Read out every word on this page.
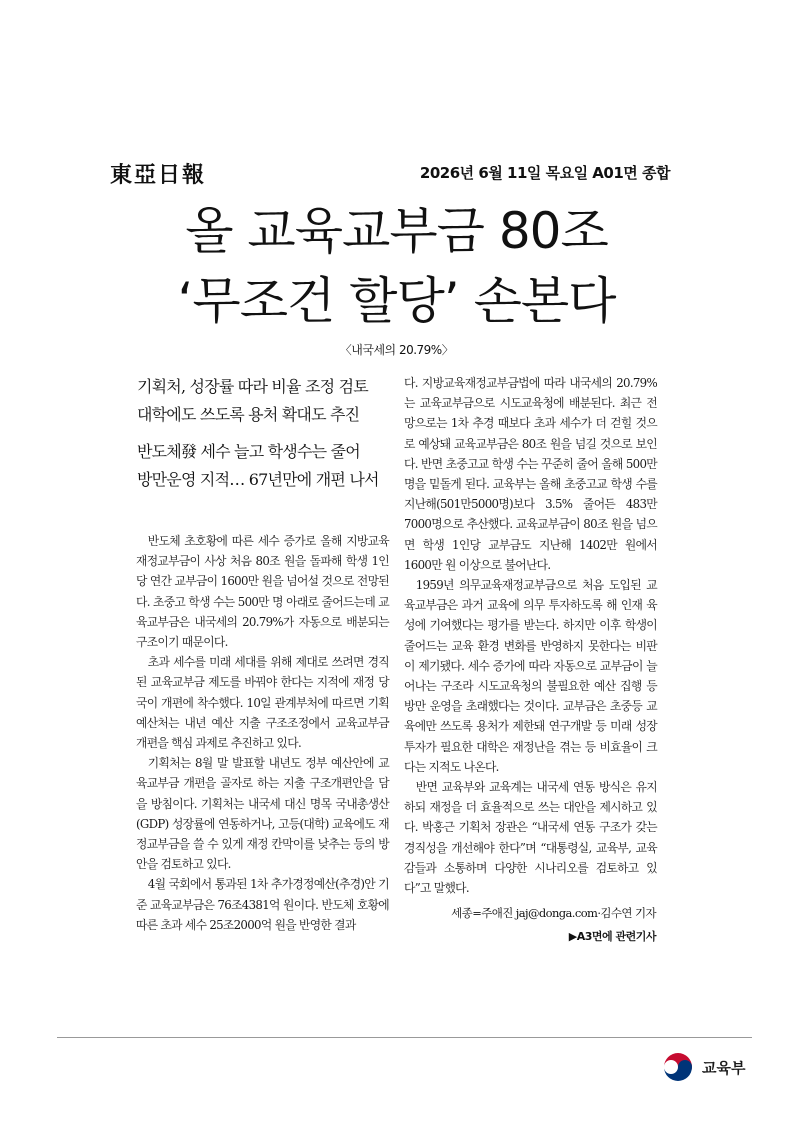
東亞日報	2026년 6월 11일 목요일 A01면 종합
올 교육교부금 80조
‘무조건 할당’ 손본다
〈내국세의 20.79%〉
기획처, 성장률 따라 비율 조정 검토
대학에도 쓰도록 용처 확대도 추진
반도체發 세수 늘고 학생수는 줄어
방만운영 지적… 67년만에 개편 나서

반도체 초호황에 따른 세수 증가로 올해 지방교육재정교부금이 사상 처음 80조 원을 돌파해 학생 1인당 연간 교부금이 1600만 원을 넘어설 것으로 전망된다. 초중고 학생 수는 500만 명 아래로 줄어드는데 교육교부금은 내국세의 20.79%가 자동으로 배분되는 구조이기 때문이다.

초과 세수를 미래 세대를 위해 제대로 쓰려면 경직된 교육교부금 제도를 바꿔야 한다는 지적에 재정 당국이 개편에 착수했다. 10일 관계부처에 따르면 기획예산처는 내년 예산 지출 구조조정에서 교육교부금 개편을 핵심 과제로 추진하고 있다.

기획처는 8월 말 발표할 내년도 정부 예산안에 교육교부금 개편을 골자로 하는 지출 구조개편안을 담을 방침이다. 기획처는 내국세 대신 명목 국내총생산(GDP) 성장률에 연동하거나, 고등(대학) 교육에도 재정교부금을 쓸 수 있게 재정 칸막이를 낮추는 등의 방안을 검토하고 있다.

4월 국회에서 통과된 1차 추가경정예산(추경)안 기준 교육교부금은 76조4381억 원이다. 반도체 호황에 따른 초과 세수 25조2000억 원을 반영한 결과

다. 지방교육재정교부금법에 따라 내국세의 20.79%는 교육교부금으로 시도교육청에 배분된다. 최근 전망으로는 1차 추경 때보다 초과 세수가 더 걷힐 것으로 예상돼 교육교부금은 80조 원을 넘길 것으로 보인다. 반면 초중고교 학생 수는 꾸준히 줄어 올해 500만 명을 밑돌게 된다. 교육부는 올해 초중고교 학생 수를 지난해(501만5000명)보다 3.5% 줄어든 483만7000명으로 추산했다. 교육교부금이 80조 원을 넘으면 학생 1인당 교부금도 지난해 1402만 원에서 1600만 원 이상으로 불어난다.

1959년 의무교육재정교부금으로 처음 도입된 교육교부금은 과거 교육에 의무 투자하도록 해 인재 육성에 기여했다는 평가를 받는다. 하지만 이후 학생이 줄어드는 교육 환경 변화를 반영하지 못한다는 비판이 제기됐다. 세수 증가에 따라 자동으로 교부금이 늘어나는 구조라 시도교육청의 불필요한 예산 집행 등 방만 운영을 초래했다는 것이다. 교부금은 초중등 교육에만 쓰도록 용처가 제한돼 연구개발 등 미래 성장 투자가 필요한 대학은 재정난을 겪는 등 비효율이 크다는 지적도 나온다.

반면 교육부와 교육계는 내국세 연동 방식은 유지하되 재정을 더 효율적으로 쓰는 대안을 제시하고 있다. 박홍근 기획처 장관은 “내국세 연동 구조가 갖는 경직성을 개선해야 한다”며 “대통령실, 교육부, 교육감들과 소통하며 다양한 시나리오를 검토하고 있다”고 말했다.

세종=주애진 jaj@donga.com·김수연 기자
▶A3면에 관련기사
교육부
